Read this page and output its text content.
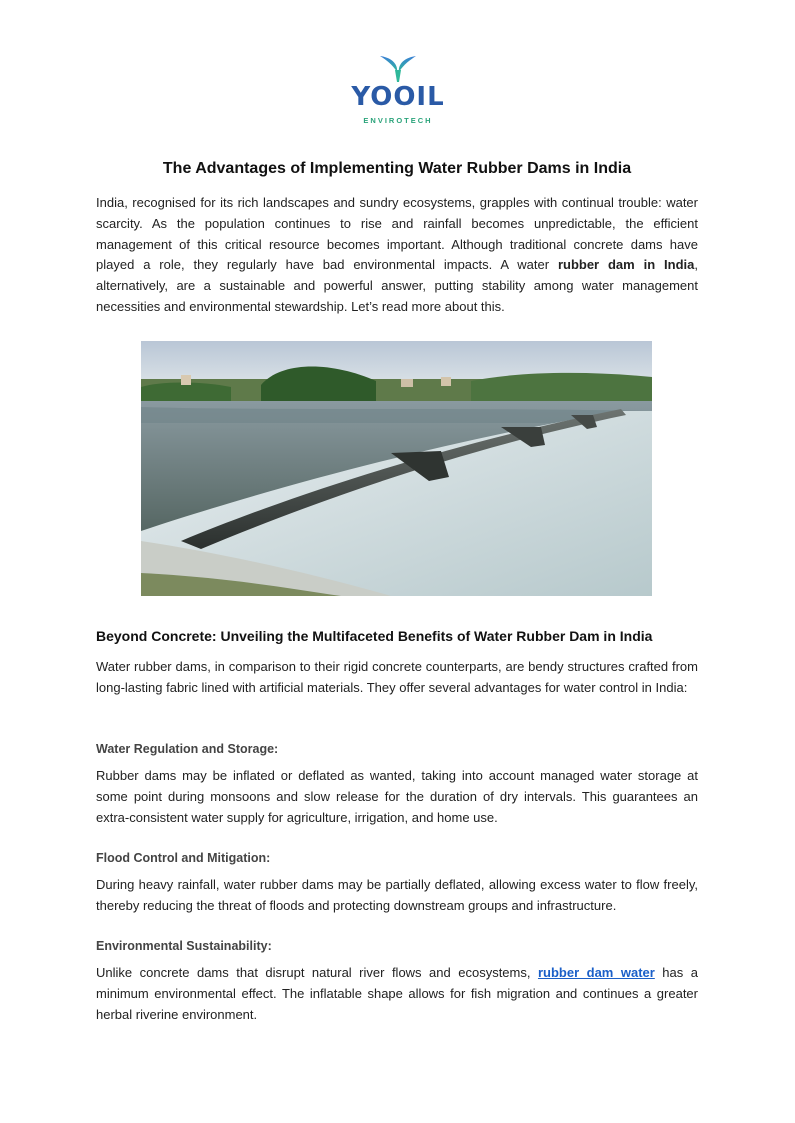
YOOIL
ENVIROTECH
The Advantages of Implementing Water Rubber Dams in India

India, recognised for its rich landscapes and sundry ecosystems, grapples with continual trouble: water scarcity. As the population continues to rise and rainfall becomes unpredictable, the efficient management of this critical resource becomes important. Although traditional concrete dams have played a role, they regularly have bad environmental impacts. A water rubber dam in India, alternatively, are a sustainable and powerful answer, putting stability among water management necessities and environmental stewardship. Let’s read more about this.

Beyond Concrete: Unveiling the Multifaceted Benefits of Water Rubber Dam in India

Water rubber dams, in comparison to their rigid concrete counterparts, are bendy structures crafted from long-lasting fabric lined with artificial materials. They offer several advantages for water control in India:

Water Regulation and Storage:

Rubber dams may be inflated or deflated as wanted, taking into account managed water storage at some point during monsoons and slow release for the duration of dry intervals. This guarantees an extra-consistent water supply for agriculture, irrigation, and home use.

Flood Control and Mitigation:

During heavy rainfall, water rubber dams may be partially deflated, allowing excess water to flow freely, thereby reducing the threat of floods and protecting downstream groups and infrastructure.

Environmental Sustainability:

Unlike concrete dams that disrupt natural river flows and ecosystems, rubber dam water has a minimum environmental effect. The inflatable shape allows for fish migration and continues a greater herbal riverine environment.
